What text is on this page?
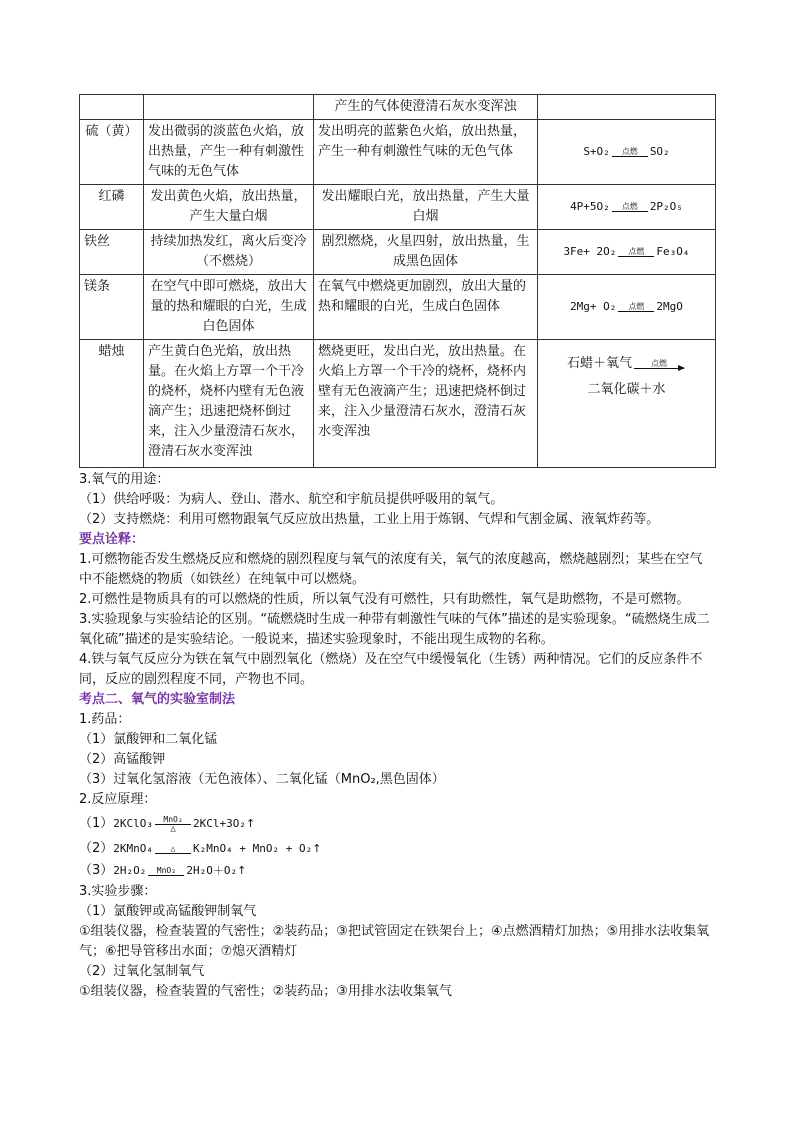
		产生的气体使澄清石灰水变浑浊	
硫（黄）	发出微弱的淡蓝色火焰，放出热量，产生一种有刺激性气味的无色气体	发出明亮的蓝紫色火焰，放出热量，产生一种有刺激性气味的无色气体	S+O₂ 点燃 SO₂
红磷	发出黄色火焰，放出热量，产生大量白烟	发出耀眼白光，放出热量，产生大量白烟	4P+5O₂ 点燃 2P₂O₅
铁丝	持续加热发红，离火后变冷（不燃烧）	剧烈燃烧，火星四射，放出热量，生成黑色固体	3Fe+ 2O₂ 点燃 Fe₃O₄
镁条	在空气中即可燃烧，放出大量的热和耀眼的白光，生成白色固体	在氧气中燃烧更加剧烈，放出大量的热和耀眼的白光，生成白色固体	2Mg+ O₂ 点燃 2MgO
蜡烛	产生黄白色光焰，放出热量。在火焰上方罩一个干冷的烧杯，烧杯内壁有无色液滴产生；迅速把烧杯倒过来，注入少量澄清石灰水，澄清石灰水变浑浊	燃烧更旺，发出白光，放出热量。在火焰上方罩一个干冷的烧杯，烧杯内壁有无色液滴产生；迅速把烧杯倒过来，注入少量澄清石灰水，澄清石灰水变浑浊	石蜡＋氧气 点燃
二氧化碳＋水

3.氧气的用途：

（1）供给呼吸：为病人、登山、潜水、航空和宇航员提供呼吸用的氧气。

（2）支持燃烧：利用可燃物跟氧气反应放出热量，工业上用于炼钢、气焊和气割金属、液氧炸药等。

要点诠释：

1.可燃物能否发生燃烧反应和燃烧的剧烈程度与氧气的浓度有关，氧气的浓度越高，燃烧越剧烈；某些在空气中不能燃烧的物质（如铁丝）在纯氧中可以燃烧。

2.可燃性是物质具有的可以燃烧的性质，所以氧气没有可燃性，只有助燃性，氧气是助燃物，不是可燃物。

3.实验现象与实验结论的区别。“硫燃烧时生成一种带有刺激性气味的气体”描述的是实验现象。“硫燃烧生成二氧化硫”描述的是实验结论。一般说来，描述实验现象时，不能出现生成物的名称。

4.铁与氧气反应分为铁在氧气中剧烈氧化（燃烧）及在空气中缓慢氧化（生锈）两种情况。它们的反应条件不同，反应的剧烈程度不同，产物也不同。

考点二、氧气的实验室制法

1.药品：

（1）氯酸钾和二氧化锰

（2）高锰酸钾

（3）过氧化氢溶液（无色液体）、二氧化锰（MnO₂,黑色固体）

2.反应原理：

（1）2KClO₃ MnO₂
△ 2KCl+3O₂↑

（2）2KMnO₄ △ K₂MnO₄ + MnO₂ + O₂↑

（3）2H₂O₂ MnO₂ 2H₂O＋O₂↑

3.实验步骤：

（1）氯酸钾或高锰酸钾制氧气

①组装仪器，检查装置的气密性；②装药品；③把试管固定在铁架台上；④点燃酒精灯加热；⑤用排水法收集氧气；⑥把导管移出水面；⑦熄灭酒精灯

（2）过氧化氢制氧气

①组装仪器，检查装置的气密性；②装药品；③用排水法收集氧气
